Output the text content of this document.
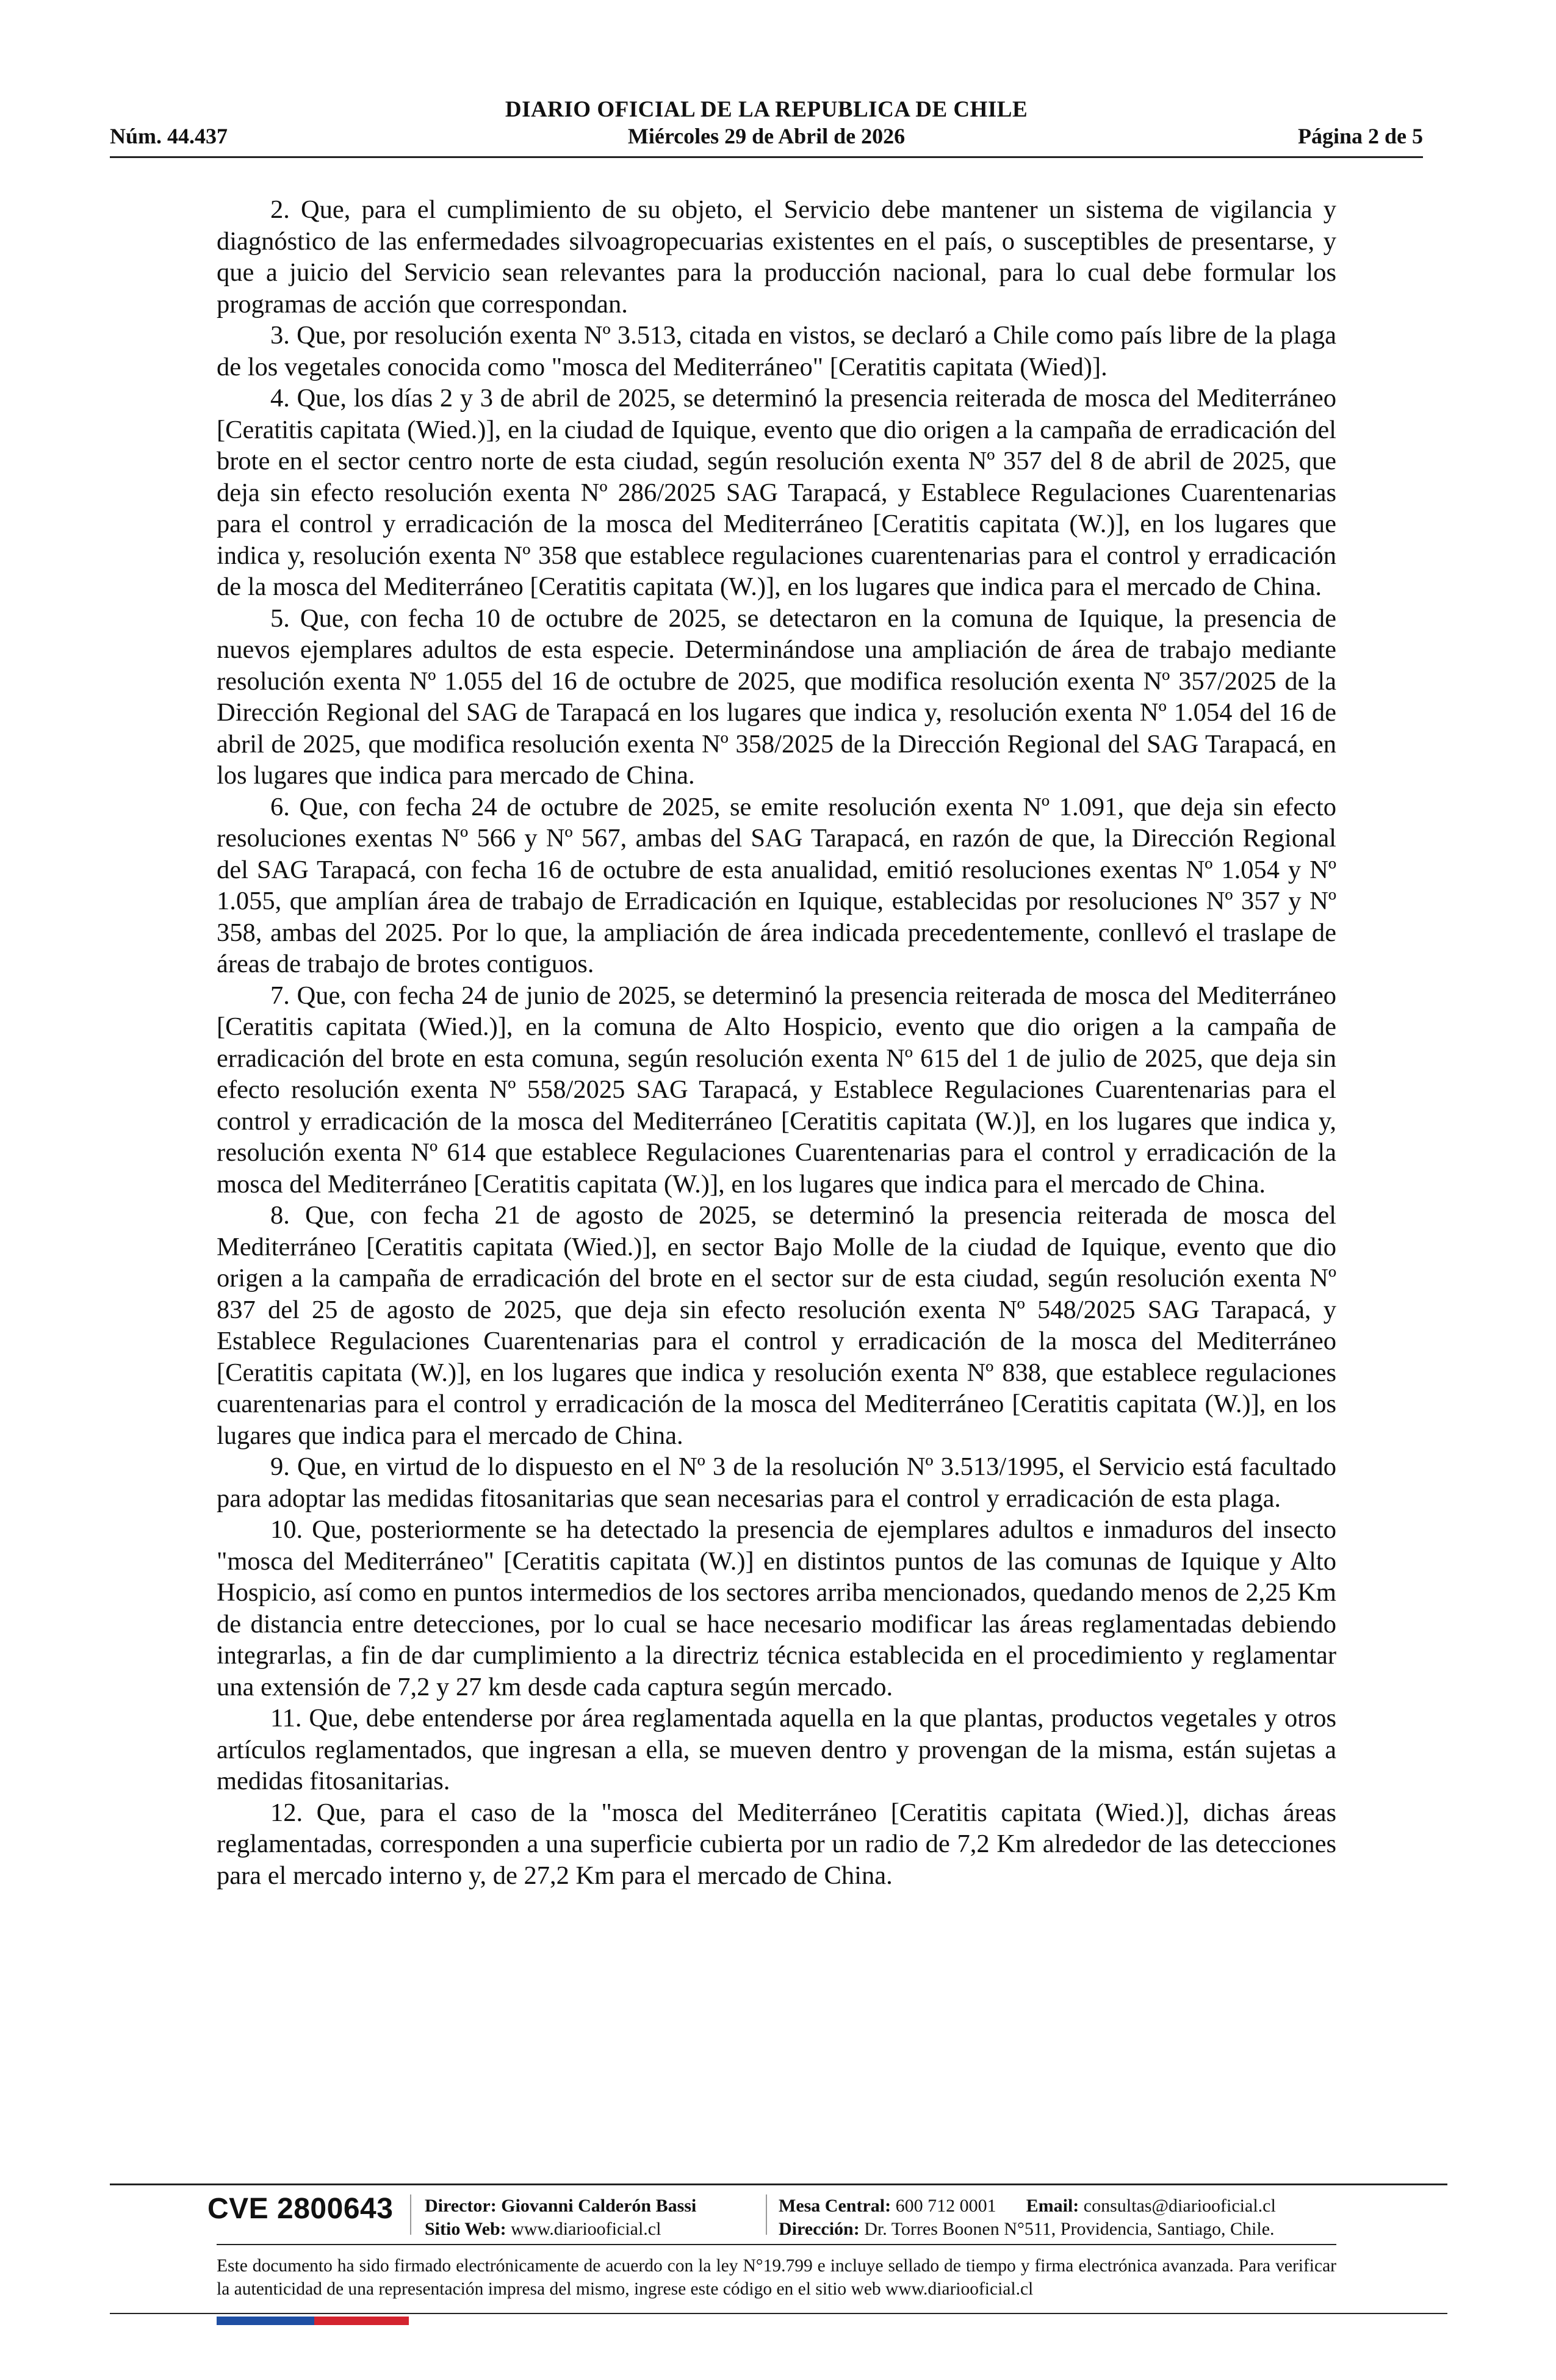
DIARIO OFICIAL DE LA REPUBLICA DE CHILE
Núm. 44.437	Miércoles 29 de Abril de 2026	Página 2 de 5

2. Que, para el cumplimiento de su objeto, el Servicio debe mantener un sistema de vigilancia y diagnóstico de las enfermedades silvoagropecuarias existentes en el país, o susceptibles de presentarse, y que a juicio del Servicio sean relevantes para la producción nacional, para lo cual debe formular los programas de acción que correspondan.

3. Que, por resolución exenta Nº 3.513, citada en vistos, se declaró a Chile como país libre de la plaga de los vegetales conocida como "mosca del Mediterráneo" [Ceratitis capitata (Wied)].

4. Que, los días 2 y 3 de abril de 2025, se determinó la presencia reiterada de mosca del Mediterráneo [Ceratitis capitata (Wied.)], en la ciudad de Iquique, evento que dio origen a la campaña de erradicación del brote en el sector centro norte de esta ciudad, según resolución exenta Nº 357 del 8 de abril de 2025, que deja sin efecto resolución exenta Nº 286/2025 SAG Tarapacá, y Establece Regulaciones Cuarentenarias para el control y erradicación de la mosca del Mediterráneo [Ceratitis capitata (W.)], en los lugares que indica y, resolución exenta Nº 358 que establece regulaciones cuarentenarias para el control y erradicación de la mosca del Mediterráneo [Ceratitis capitata (W.)], en los lugares que indica para el mercado de China.

5. Que, con fecha 10 de octubre de 2025, se detectaron en la comuna de Iquique, la presencia de nuevos ejemplares adultos de esta especie. Determinándose una ampliación de área de trabajo mediante resolución exenta Nº 1.055 del 16 de octubre de 2025, que modifica resolución exenta Nº 357/2025 de la Dirección Regional del SAG de Tarapacá en los lugares que indica y, resolución exenta Nº 1.054 del 16 de abril de 2025, que modifica resolución exenta Nº 358/2025 de la Dirección Regional del SAG Tarapacá, en los lugares que indica para mercado de China.

6. Que, con fecha 24 de octubre de 2025, se emite resolución exenta Nº 1.091, que deja sin efecto resoluciones exentas Nº 566 y Nº 567, ambas del SAG Tarapacá, en razón de que, la Dirección Regional del SAG Tarapacá, con fecha 16 de octubre de esta anualidad, emitió resoluciones exentas Nº 1.054 y Nº 1.055, que amplían área de trabajo de Erradicación en Iquique, establecidas por resoluciones Nº 357 y Nº 358, ambas del 2025. Por lo que, la ampliación de área indicada precedentemente, conllevó el traslape de áreas de trabajo de brotes contiguos.

7. Que, con fecha 24 de junio de 2025, se determinó la presencia reiterada de mosca del Mediterráneo [Ceratitis capitata (Wied.)], en la comuna de Alto Hospicio, evento que dio origen a la campaña de erradicación del brote en esta comuna, según resolución exenta Nº 615 del 1 de julio de 2025, que deja sin efecto resolución exenta Nº 558/2025 SAG Tarapacá, y Establece Regulaciones Cuarentenarias para el control y erradicación de la mosca del Mediterráneo [Ceratitis capitata (W.)], en los lugares que indica y, resolución exenta Nº 614 que establece Regulaciones Cuarentenarias para el control y erradicación de la mosca del Mediterráneo [Ceratitis capitata (W.)], en los lugares que indica para el mercado de China.

8. Que, con fecha 21 de agosto de 2025, se determinó la presencia reiterada de mosca del Mediterráneo [Ceratitis capitata (Wied.)], en sector Bajo Molle de la ciudad de Iquique, evento que dio origen a la campaña de erradicación del brote en el sector sur de esta ciudad, según resolución exenta Nº 837 del 25 de agosto de 2025, que deja sin efecto resolución exenta Nº 548/2025 SAG Tarapacá, y Establece Regulaciones Cuarentenarias para el control y erradicación de la mosca del Mediterráneo [Ceratitis capitata (W.)], en los lugares que indica y resolución exenta Nº 838, que establece regulaciones cuarentenarias para el control y erradicación de la mosca del Mediterráneo [Ceratitis capitata (W.)], en los lugares que indica para el mercado de China.

9. Que, en virtud de lo dispuesto en el Nº 3 de la resolución Nº 3.513/1995, el Servicio está facultado para adoptar las medidas fitosanitarias que sean necesarias para el control y erradicación de esta plaga.

10. Que, posteriormente se ha detectado la presencia de ejemplares adultos e inmaduros del insecto "mosca del Mediterráneo" [Ceratitis capitata (W.)] en distintos puntos de las comunas de Iquique y Alto Hospicio, así como en puntos intermedios de los sectores arriba mencionados, quedando menos de 2,25 Km de distancia entre detecciones, por lo cual se hace necesario modificar las áreas reglamentadas debiendo integrarlas, a fin de dar cumplimiento a la directriz técnica establecida en el procedimiento y reglamentar una extensión de 7,2 y 27 km desde cada captura según mercado.

11. Que, debe entenderse por área reglamentada aquella en la que plantas, productos vegetales y otros artículos reglamentados, que ingresan a ella, se mueven dentro y provengan de la misma, están sujetas a medidas fitosanitarias.

12. Que, para el caso de la "mosca del Mediterráneo [Ceratitis capitata (Wied.)], dichas áreas reglamentadas, corresponden a una superficie cubierta por un radio de 7,2 Km alrededor de las detecciones para el mercado interno y, de 27,2 Km para el mercado de China.

CVE 2800643 Director: Giovanni Calderón Bassi
Sitio Web: www.diariooficial.cl
Mesa Central: 600 712 0001 Email: consultas@diariooficial.cl
Dirección: Dr. Torres Boonen N°511, Providencia, Santiago, Chile.
Este documento ha sido firmado electrónicamente de acuerdo con la ley N°19.799 e incluye sellado de tiempo y firma electrónica avanzada. Para verificar la autenticidad de una representación impresa del mismo, ingrese este código en el sitio web www.diariooficial.cl
